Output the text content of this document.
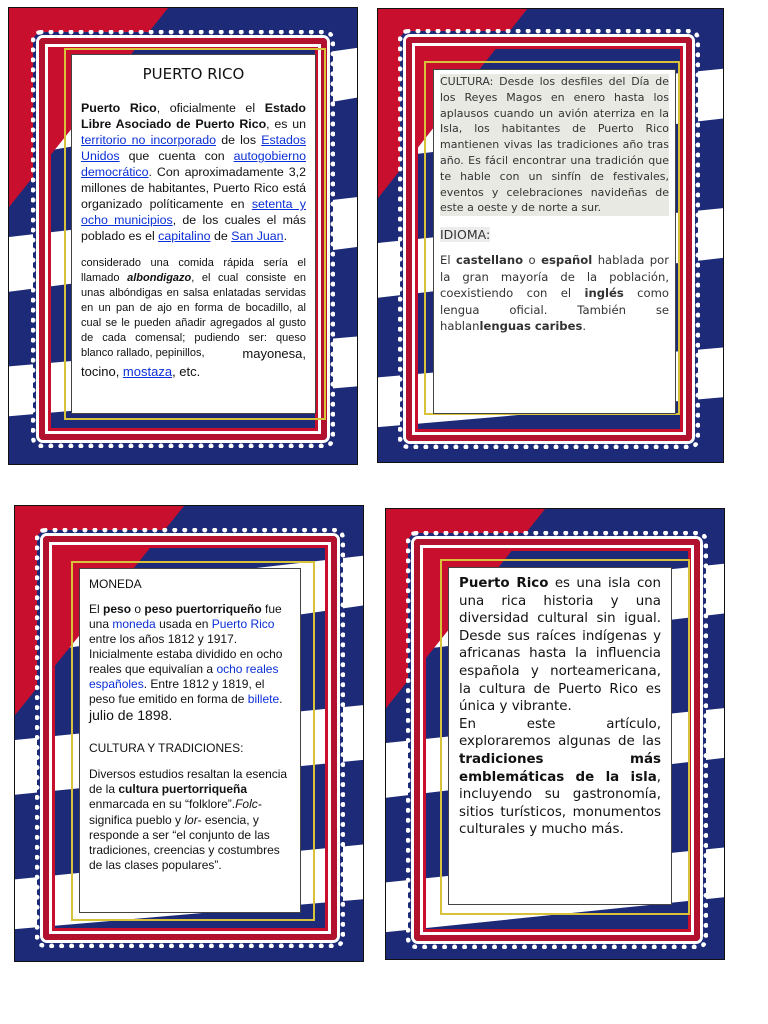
PUERTO RICO

Puerto Rico, oficialmente el Estado Libre Asociado de Puerto Rico, es un territorio no incorporado de los Estados Unidos que cuenta con autogobierno democrático. Con aproximadamente 3,2 millones de habitantes, Puerto Rico está organizado políticamente en setenta y ocho municipios, de los cuales el más poblado es el capitalino de San Juan.

considerado una comida rápida sería el llamado albondigazo, el cual consiste en unas albóndigas en salsa enlatadas servidas en un pan de ajo en forma de bocadillo, al cual se le pueden añadir agregados al gusto de cada comensal; pudiendo ser: queso blanco rallado, pepinillos,	mayonesa,

tocino, mostaza, etc.

CULTURA: Desde los desfiles del Día de los Reyes Magos en enero hasta los aplausos cuando un avión aterriza en la Isla, los habitantes de Puerto Rico mantienen vivas las tradiciones año tras año. Es fácil encontrar una tradición que te hable con un sinfín de festivales, eventos y celebraciones navideñas de este a oeste y de norte a sur.

IDIOMA:

El castellano o español hablada por la gran mayoría de la población, coexistiendo con el inglés como lengua oficial. También se hablanlenguas caribes.

MONEDA

El peso o peso puertorriqueño fue una moneda usada en Puerto Rico entre los años 1812 y 1917. Inicialmente estaba dividido en ocho reales que equivalían a ocho reales españoles. Entre 1812 y 1819, el peso fue emitido en forma de billete.

julio de 1898.
CULTURA Y TRADICIONES:

Diversos estudios resaltan la esencia de la cultura puertorriqueña enmarcada en su “folklore”.Folc- significa pueblo y lor- esencia, y responde a ser “el conjunto de las tradiciones, creencias y costumbres de las clases populares”.

Puerto Rico es una isla con una rica historia y una diversidad cultural sin igual. Desde sus raíces indígenas y africanas hasta la influencia española y norteamericana, la cultura de Puerto Rico es única y vibrante.

En este artículo, exploraremos algunas de las tradiciones más emblemáticas de la isla, incluyendo su gastronomía, sitios turísticos, monumentos culturales y mucho más.
